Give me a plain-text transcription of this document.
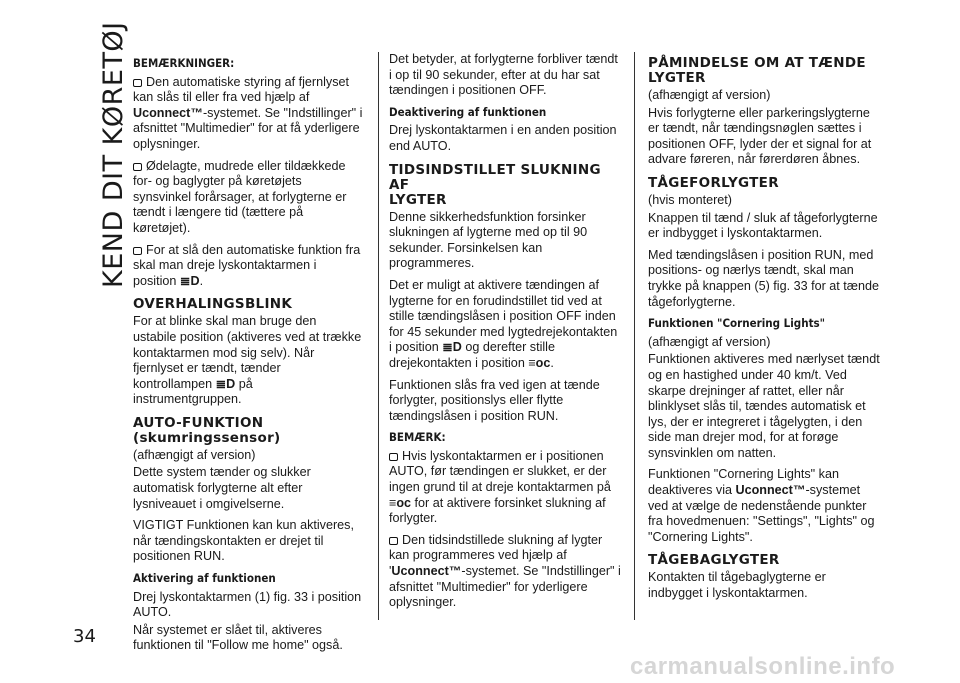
KEND DIT KØRETØJ
34
BEMÆRKNINGER:

Den automatiske styring af fjernlyset kan slås til eller fra ved hjælp af Uconnect™-systemet. Se "Indstillinger" i afsnittet "Multimedier" for at få yderligere oplysninger.

Ødelagte, mudrede eller tildækkede for- og baglygter på køretøjets synsvinkel forårsager, at forlygterne er tændt i længere tid (tættere på køretøjet).

For at slå den automatiske funktion fra skal man dreje lyskontaktarmen i position ≣D.

OVERHALINGSBLINK

For at blinke skal man bruge den ustabile position (aktiveres ved at trække kontaktarmen mod sig selv). Når fjernlyset er tændt, tænder kontrollampen ≣D på instrumentgruppen.

AUTO-FUNKTION
(skumringssensor)

(afhængigt af version)

Dette system tænder og slukker automatisk forlygterne alt efter lysniveauet i omgivelserne.

VIGTIGT Funktionen kan kun aktiveres, når tændingskontakten er drejet til positionen RUN.

Aktivering af funktionen

Drej lyskontaktarmen (1) fig. 33 i position AUTO.

Når systemet er slået til, aktiveres funktionen til "Follow me home" også.

Det betyder, at forlygterne forbliver tændt i op til 90 sekunder, efter at du har sat tændingen i positionen OFF.

Deaktivering af funktionen

Drej lyskontaktarmen i en anden position end AUTO.

TIDSINDSTILLET SLUKNING AF
LYGTER

Denne sikkerhedsfunktion forsinker slukningen af lygterne med op til 90 sekunder. Forsinkelsen kan programmeres.

Det er muligt at aktivere tændingen af lygterne for en forudindstillet tid ved at stille tændingslåsen i position OFF inden for 45 sekunder med lygtedrejekontakten i position ≣D og derefter stille drejekontakten i position ≡oc.

Funktionen slås fra ved igen at tænde forlygter, positionslys eller flytte tændingslåsen i position RUN.

BEMÆRK:

Hvis lyskontaktarmen er i positionen AUTO, før tændingen er slukket, er der ingen grund til at dreje kontaktarmen på ≡oc for at aktivere forsinket slukning af forlygter.

Den tidsindstillede slukning af lygter kan programmeres ved hjælp af 'Uconnect™-systemet. Se "Indstillinger" i afsnittet "Multimedier" for yderligere oplysninger.

PÅMINDELSE OM AT TÆNDE
LYGTER

(afhængigt af version)

Hvis forlygterne eller parkeringslygterne er tændt, når tændingsnøglen sættes i positionen OFF, lyder der et signal for at advare føreren, når førerdøren åbnes.

TÅGEFORLYGTER

(hvis monteret)

Knappen til tænd / sluk af tågeforlygterne er indbygget i lyskontaktarmen.

Med tændingslåsen i position RUN, med positions- og nærlys tændt, skal man trykke på knappen (5) fig. 33 for at tænde tågeforlygterne.

Funktionen "Cornering Lights"

(afhængigt af version)

Funktionen aktiveres med nærlyset tændt og en hastighed under 40 km/t. Ved skarpe drejninger af rattet, eller når blinklyset slås til, tændes automatisk et lys, der er integreret i tågelygten, i den side man drejer mod, for at forøge synsvinklen om natten.

Funktionen "Cornering Lights" kan deaktiveres via Uconnect™-systemet ved at vælge de nedenstående punkter fra hovedmenuen: "Settings", "Lights" og "Cornering Lights".

TÅGEBAGLYGTER

Kontakten til tågebaglygterne er indbygget i lyskontaktarmen.

carmanualsonline.info
